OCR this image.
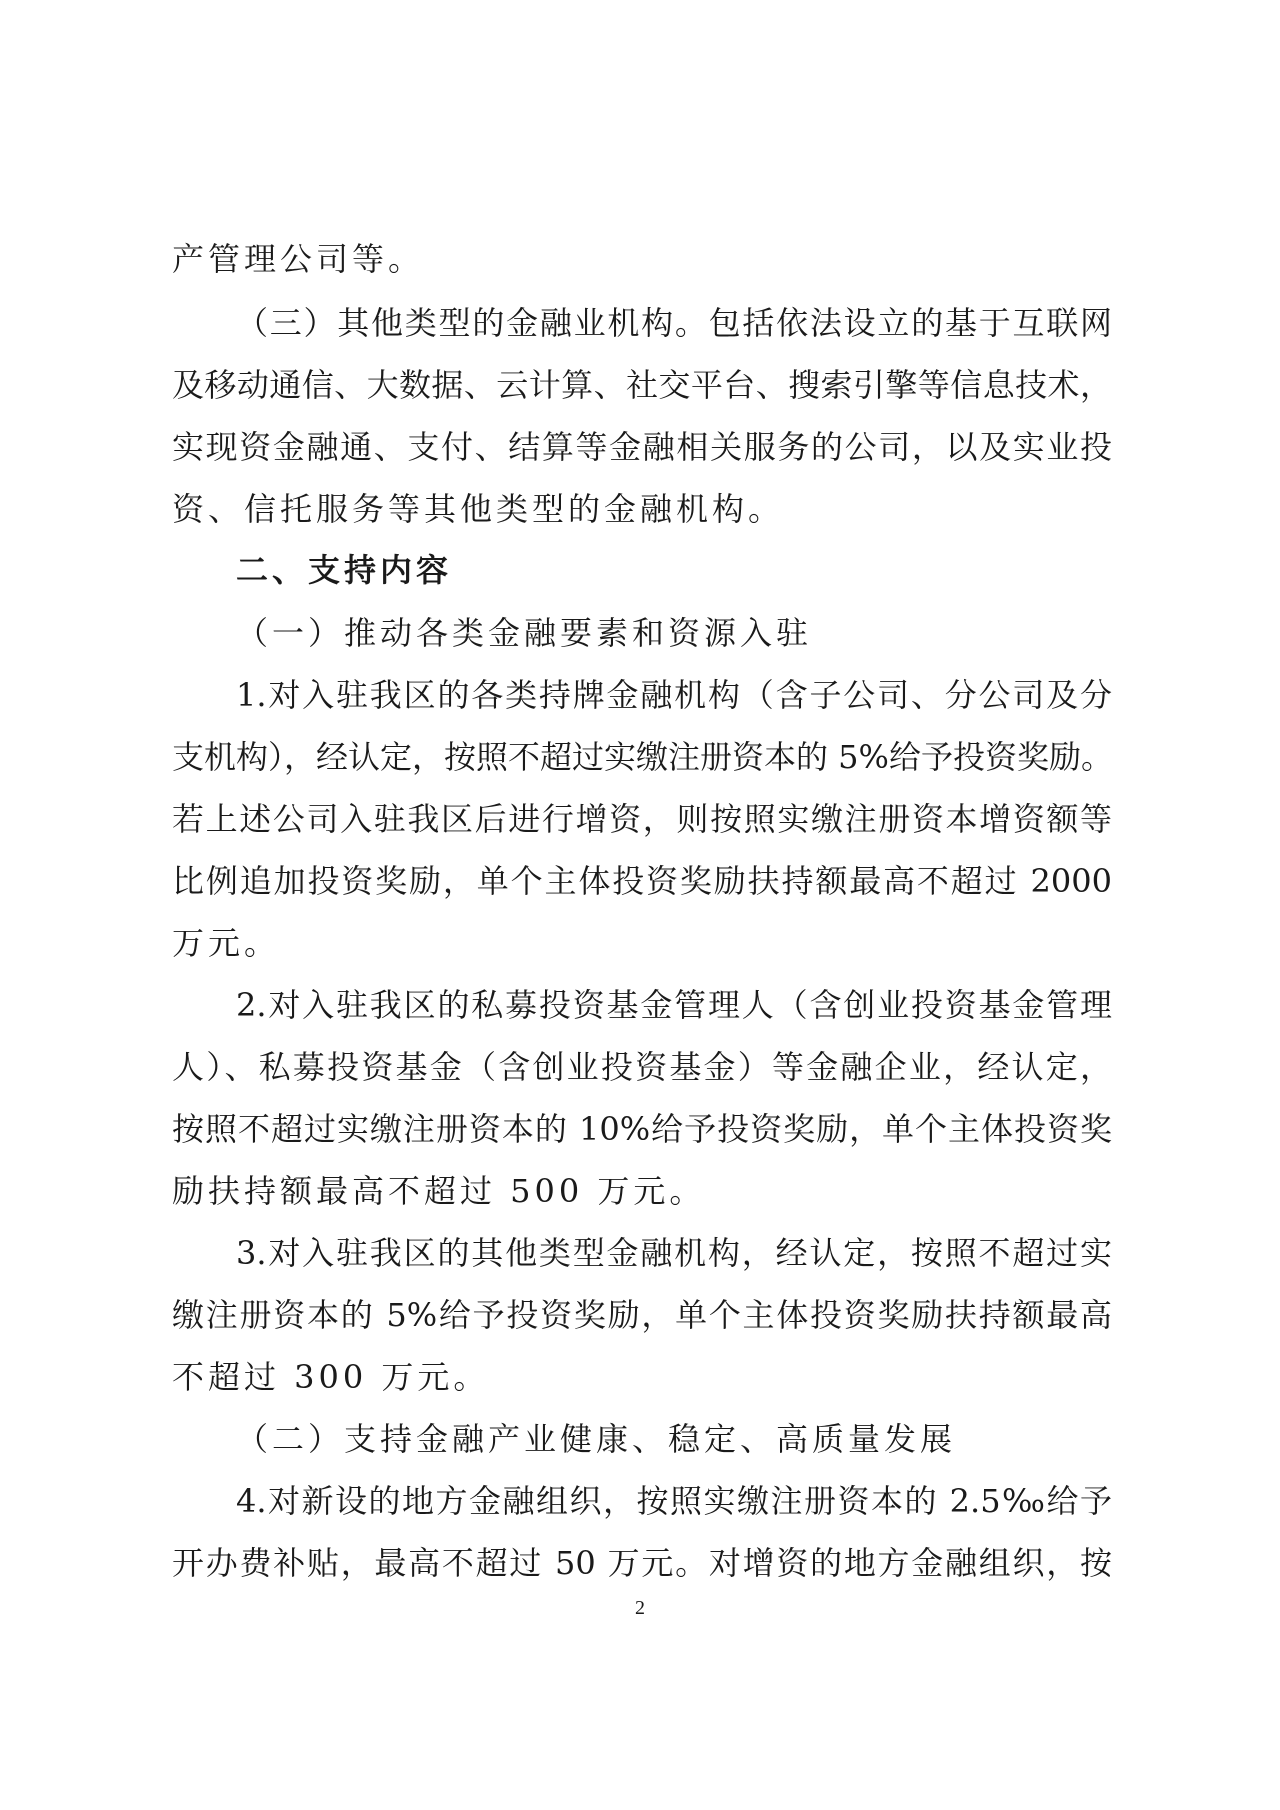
产管理公司等。
（三）其他类型的金融业机构。包括依法设立的基于互联网
及移动通信、大数据、云计算、社交平台、搜索引擎等信息技术，
实现资金融通、支付、结算等金融相关服务的公司，以及实业投
资、信托服务等其他类型的金融机构。
二、支持内容
（一）推动各类金融要素和资源入驻
1.对入驻我区的各类持牌金融机构（含子公司、分公司及分
支机构），经认定，按照不超过实缴注册资本的 5%给予投资奖励。
若上述公司入驻我区后进行增资，则按照实缴注册资本增资额等
比例追加投资奖励，单个主体投资奖励扶持额最高不超过 2000
万元。
2.对入驻我区的私募投资基金管理人（含创业投资基金管理
人）、私募投资基金（含创业投资基金）等金融企业，经认定，
按照不超过实缴注册资本的 10%给予投资奖励，单个主体投资奖
励扶持额最高不超过 500 万元。
3.对入驻我区的其他类型金融机构，经认定，按照不超过实
缴注册资本的 5%给予投资奖励，单个主体投资奖励扶持额最高
不超过 300 万元。
（二）支持金融产业健康、稳定、高质量发展
4.对新设的地方金融组织，按照实缴注册资本的 2.5‰给予
开办费补贴，最高不超过 50 万元。对增资的地方金融组织，按
2
